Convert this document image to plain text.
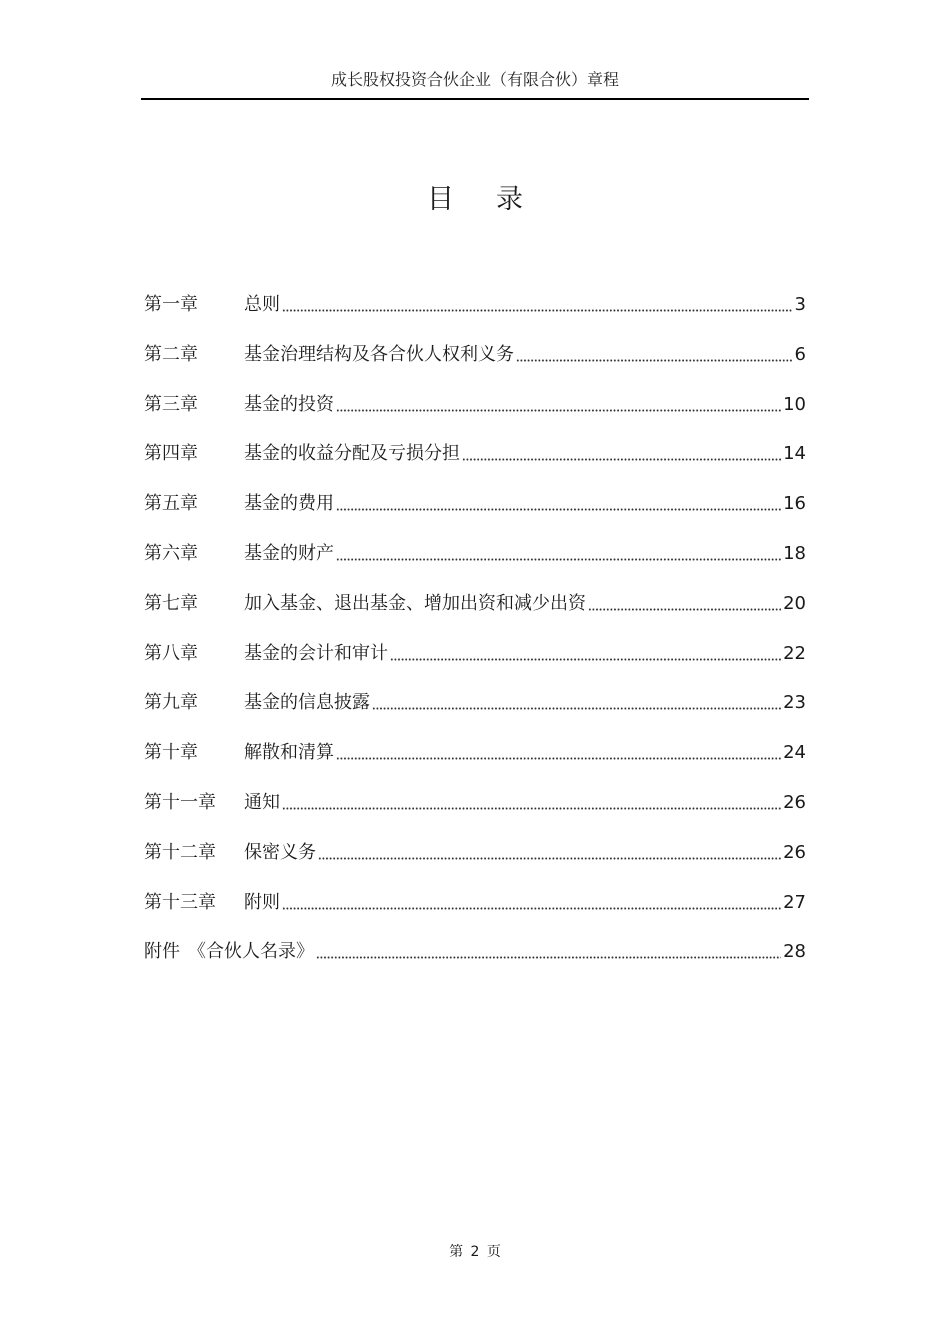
成长股权投资合伙企业（有限合伙）章程
目录
第一章	总则	3
第二章	基金治理结构及各合伙人权利义务	6
第三章	基金的投资	10
第四章	基金的收益分配及亏损分担	14
第五章	基金的费用	16
第六章	基金的财产	18
第七章	加入基金、退出基金、增加出资和减少出资	20
第八章	基金的会计和审计	22
第九章	基金的信息披露	23
第十章	解散和清算	24
第十一章	通知	26
第十二章	保密义务	26
第十三章	附则	27
附件 《合伙人名录》	28
第 2 页
